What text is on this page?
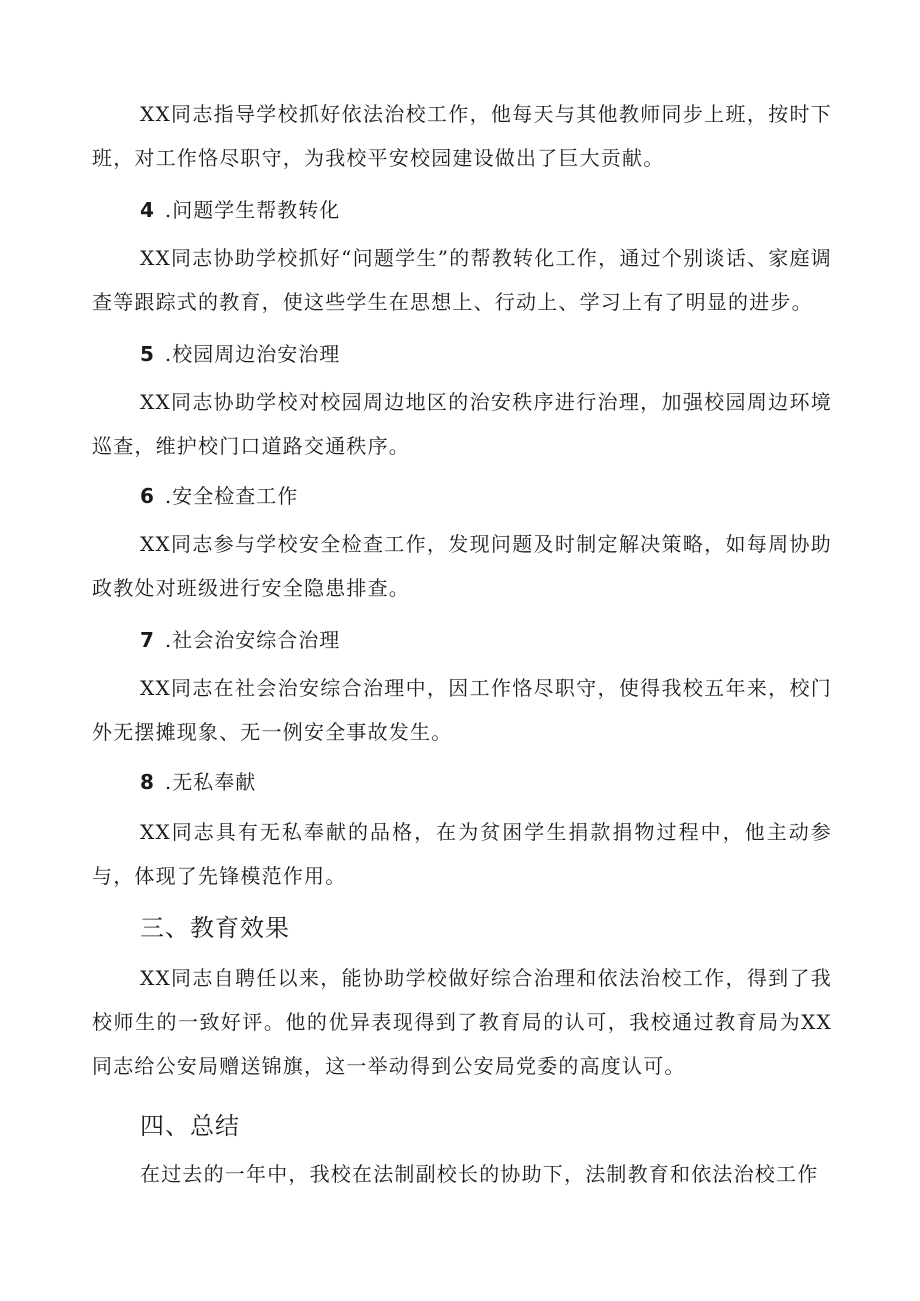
XX同志指导学校抓好依法治校工作，他每天与其他教师同步上班，按时下班，对工作恪尽职守，为我校平安校园建设做出了巨大贡献。

4 .问题学生帮教转化

XX同志协助学校抓好“问题学生”的帮教转化工作，通过个别谈话、家庭调查等跟踪式的教育，使这些学生在思想上、行动上、学习上有了明显的进步。

5 .校园周边治安治理

XX同志协助学校对校园周边地区的治安秩序进行治理，加强校园周边环境巡查，维护校门口道路交通秩序。

6 .安全检查工作

XX同志参与学校安全检查工作，发现问题及时制定解决策略，如每周协助政教处对班级进行安全隐患排查。

7 .社会治安综合治理

XX同志在社会治安综合治理中，因工作恪尽职守，使得我校五年来，校门外无摆摊现象、无一例安全事故发生。

8 .无私奉献

XX同志具有无私奉献的品格，在为贫困学生捐款捐物过程中，他主动参与，体现了先锋模范作用。

三、教育效果

XX同志自聘任以来，能协助学校做好综合治理和依法治校工作，得到了我校师生的一致好评。他的优异表现得到了教育局的认可，我校通过教育局为XX同志给公安局赠送锦旗，这一举动得到公安局党委的高度认可。

四、总结

在过去的一年中，我校在法制副校长的协助下，法制教育和依法治校工作
